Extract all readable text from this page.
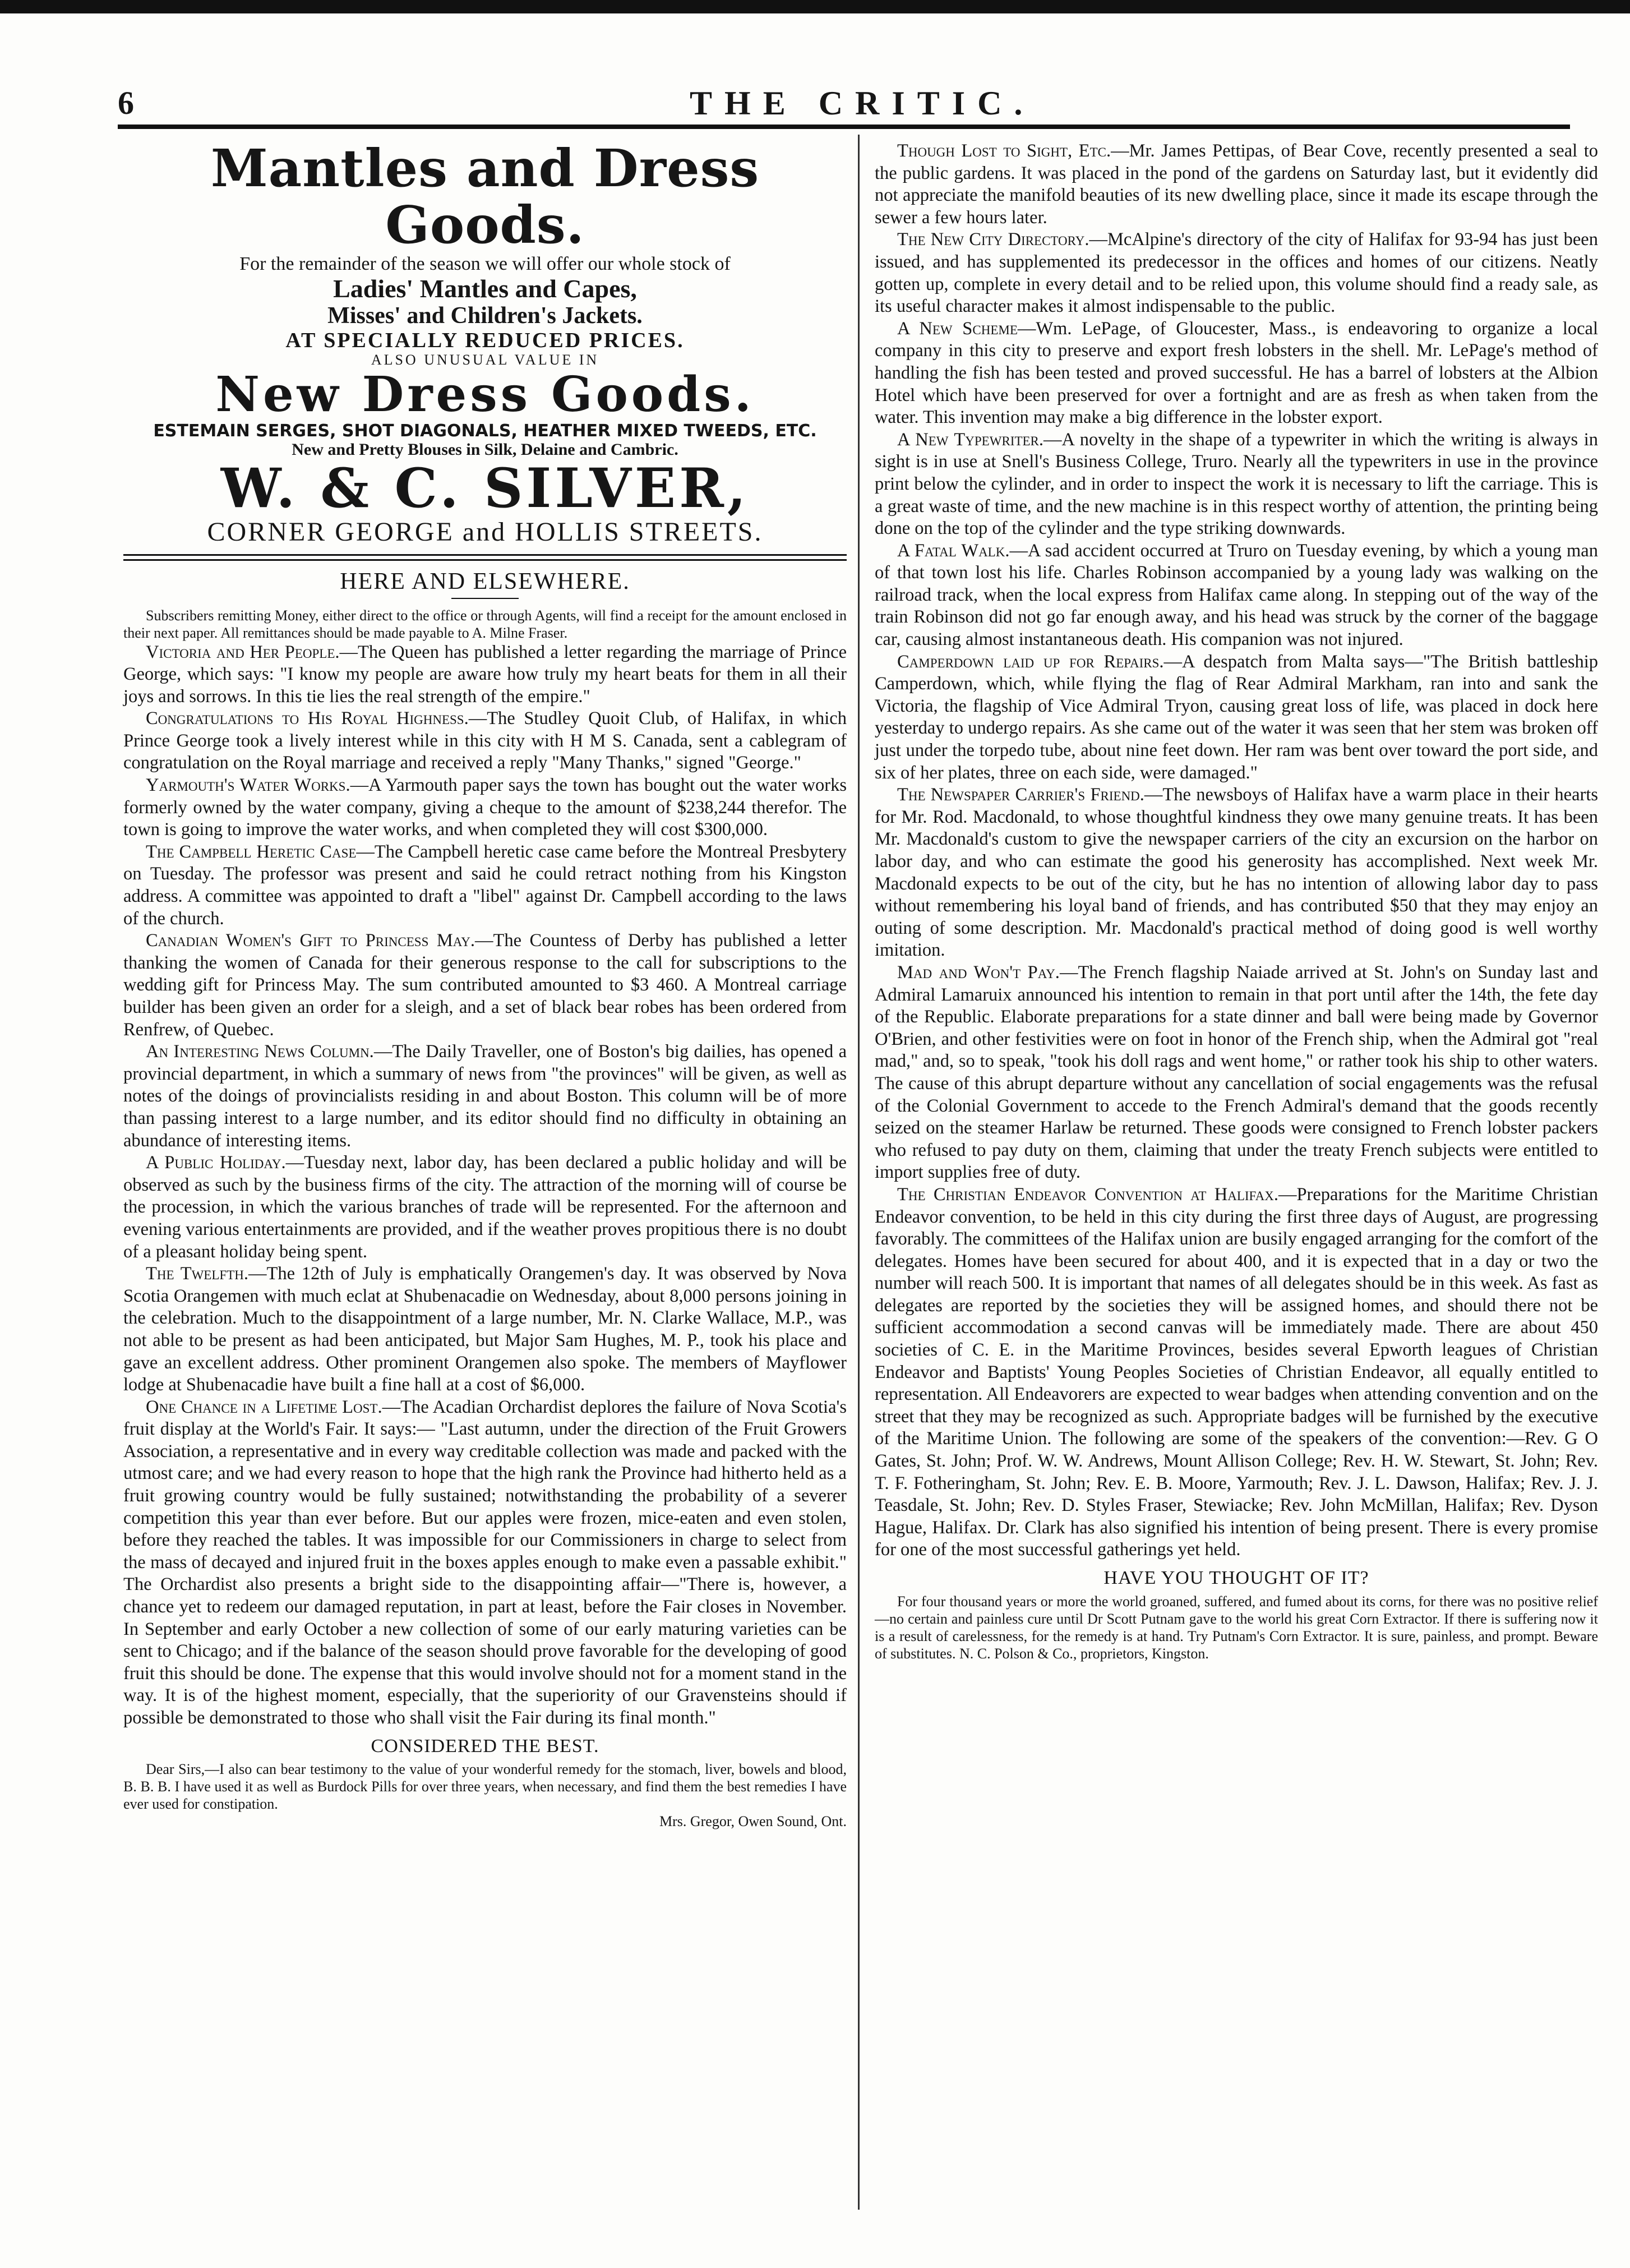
6	THE CRITIC.
Mantles and Dress Goods.
For the remainder of the season we will offer our whole stock of
Ladies' Mantles and Capes,
Misses' and Children's Jackets.
AT SPECIALLY REDUCED PRICES.
ALSO UNUSUAL VALUE IN
New Dress Goods.
ESTEMAIN SERGES, SHOT DIAGONALS, HEATHER MIXED TWEEDS, ETC.
New and Pretty Blouses in Silk, Delaine and Cambric.
W. & C. SILVER,
CORNER GEORGE and HOLLIS STREETS.
HERE AND ELSEWHERE.

Subscribers remitting Money, either direct to the office or through Agents, will find a receipt for the amount enclosed in their next paper. All remittances should be made payable to A. Milne Fraser.

Victoria and Her People.—The Queen has published a letter regarding the marriage of Prince George, which says: "I know my people are aware how truly my heart beats for them in all their joys and sorrows. In this tie lies the real strength of the empire."

Congratulations to His Royal Highness.—The Studley Quoit Club, of Halifax, in which Prince George took a lively interest while in this city with H M S. Canada, sent a cablegram of congratulation on the Royal marriage and received a reply "Many Thanks," signed "George."

Yarmouth's Water Works.—A Yarmouth paper says the town has bought out the water works formerly owned by the water company, giving a cheque to the amount of $238,244 therefor. The town is going to improve the water works, and when completed they will cost $300,000.

The Campbell Heretic Case—The Campbell heretic case came before the Montreal Presbytery on Tuesday. The professor was present and said he could retract nothing from his Kingston address. A committee was appointed to draft a "libel" against Dr. Campbell according to the laws of the church.

Canadian Women's Gift to Princess May.—The Countess of Derby has published a letter thanking the women of Canada for their generous response to the call for subscriptions to the wedding gift for Princess May. The sum contributed amounted to $3 460. A Montreal carriage builder has been given an order for a sleigh, and a set of black bear robes has been ordered from Renfrew, of Quebec.

An Interesting News Column.—The Daily Traveller, one of Boston's big dailies, has opened a provincial department, in which a summary of news from "the provinces" will be given, as well as notes of the doings of provincialists residing in and about Boston. This column will be of more than passing interest to a large number, and its editor should find no difficulty in obtaining an abundance of interesting items.

A Public Holiday.—Tuesday next, labor day, has been declared a public holiday and will be observed as such by the business firms of the city. The attraction of the morning will of course be the procession, in which the various branches of trade will be represented. For the afternoon and evening various entertainments are provided, and if the weather proves propitious there is no doubt of a pleasant holiday being spent.

The Twelfth.—The 12th of July is emphatically Orangemen's day. It was observed by Nova Scotia Orangemen with much eclat at Shubenacadie on Wednesday, about 8,000 persons joining in the celebration. Much to the disappointment of a large number, Mr. N. Clarke Wallace, M.P., was not able to be present as had been anticipated, but Major Sam Hughes, M. P., took his place and gave an excellent address. Other prominent Orangemen also spoke. The members of Mayflower lodge at Shubenacadie have built a fine hall at a cost of $6,000.

One Chance in a Lifetime Lost.—The Acadian Orchardist deplores the failure of Nova Scotia's fruit display at the World's Fair. It says:— "Last autumn, under the direction of the Fruit Growers Association, a representative and in every way creditable collection was made and packed with the utmost care; and we had every reason to hope that the high rank the Province had hitherto held as a fruit growing country would be fully sustained; notwithstanding the probability of a severer competition this year than ever before. But our apples were frozen, mice-eaten and even stolen, before they reached the tables. It was impossible for our Commissioners in charge to select from the mass of decayed and injured fruit in the boxes apples enough to make even a passable exhibit." The Orchardist also presents a bright side to the disappointing affair—"There is, however, a chance yet to redeem our damaged reputation, in part at least, before the Fair closes in November. In September and early October a new collection of some of our early maturing varieties can be sent to Chicago; and if the balance of the season should prove favorable for the developing of good fruit this should be done. The expense that this would involve should not for a moment stand in the way. It is of the highest moment, especially, that the superiority of our Gravensteins should if possible be demonstrated to those who shall visit the Fair during its final month."

CONSIDERED THE BEST.

Dear Sirs,—I also can bear testimony to the value of your wonderful remedy for the stomach, liver, bowels and blood, B. B. B. I have used it as well as Burdock Pills for over three years, when necessary, and find them the best remedies I have ever used for constipation.

Mrs. Gregor, Owen Sound, Ont.

Though Lost to Sight, Etc.—Mr. James Pettipas, of Bear Cove, recently presented a seal to the public gardens. It was placed in the pond of the gardens on Saturday last, but it evidently did not appreciate the manifold beauties of its new dwelling place, since it made its escape through the sewer a few hours later.

The New City Directory.—McAlpine's directory of the city of Halifax for 93-94 has just been issued, and has supplemented its predecessor in the offices and homes of our citizens. Neatly gotten up, complete in every detail and to be relied upon, this volume should find a ready sale, as its useful character makes it almost indispensable to the public.

A New Scheme—Wm. LePage, of Gloucester, Mass., is endeavoring to organize a local company in this city to preserve and export fresh lobsters in the shell. Mr. LePage's method of handling the fish has been tested and proved successful. He has a barrel of lobsters at the Albion Hotel which have been preserved for over a fortnight and are as fresh as when taken from the water. This invention may make a big difference in the lobster export.

A New Typewriter.—A novelty in the shape of a typewriter in which the writing is always in sight is in use at Snell's Business College, Truro. Nearly all the typewriters in use in the province print below the cylinder, and in order to inspect the work it is necessary to lift the carriage. This is a great waste of time, and the new machine is in this respect worthy of attention, the printing being done on the top of the cylinder and the type striking downwards.

A Fatal Walk.—A sad accident occurred at Truro on Tuesday evening, by which a young man of that town lost his life. Charles Robinson accompanied by a young lady was walking on the railroad track, when the local express from Halifax came along. In stepping out of the way of the train Robinson did not go far enough away, and his head was struck by the corner of the baggage car, causing almost instantaneous death. His companion was not injured.

Camperdown laid up for Repairs.—A despatch from Malta says—"The British battleship Camperdown, which, while flying the flag of Rear Admiral Markham, ran into and sank the Victoria, the flagship of Vice Admiral Tryon, causing great loss of life, was placed in dock here yesterday to undergo repairs. As she came out of the water it was seen that her stem was broken off just under the torpedo tube, about nine feet down. Her ram was bent over toward the port side, and six of her plates, three on each side, were damaged."

The Newspaper Carrier's Friend.—The newsboys of Halifax have a warm place in their hearts for Mr. Rod. Macdonald, to whose thoughtful kindness they owe many genuine treats. It has been Mr. Macdonald's custom to give the newspaper carriers of the city an excursion on the harbor on labor day, and who can estimate the good his generosity has accomplished. Next week Mr. Macdonald expects to be out of the city, but he has no intention of allowing labor day to pass without remembering his loyal band of friends, and has contributed $50 that they may enjoy an outing of some description. Mr. Macdonald's practical method of doing good is well worthy imitation.

Mad and Won't Pay.—The French flagship Naiade arrived at St. John's on Sunday last and Admiral Lamaruix announced his intention to remain in that port until after the 14th, the fete day of the Republic. Elaborate preparations for a state dinner and ball were being made by Governor O'Brien, and other festivities were on foot in honor of the French ship, when the Admiral got "real mad," and, so to speak, "took his doll rags and went home," or rather took his ship to other waters. The cause of this abrupt departure without any cancellation of social engagements was the refusal of the Colonial Government to accede to the French Admiral's demand that the goods recently seized on the steamer Harlaw be returned. These goods were consigned to French lobster packers who refused to pay duty on them, claiming that under the treaty French subjects were entitled to import supplies free of duty.

The Christian Endeavor Convention at Halifax.—Preparations for the Maritime Christian Endeavor convention, to be held in this city during the first three days of August, are progressing favorably. The committees of the Halifax union are busily engaged arranging for the comfort of the delegates. Homes have been secured for about 400, and it is expected that in a day or two the number will reach 500. It is important that names of all delegates should be in this week. As fast as delegates are reported by the societies they will be assigned homes, and should there not be sufficient accommodation a second canvas will be immediately made. There are about 450 societies of C. E. in the Maritime Provinces, besides several Epworth leagues of Christian Endeavor and Baptists' Young Peoples Societies of Christian Endeavor, all equally entitled to representation. All Endeavorers are expected to wear badges when attending convention and on the street that they may be recognized as such. Appropriate badges will be furnished by the executive of the Maritime Union. The following are some of the speakers of the convention:—Rev. G O Gates, St. John; Prof. W. W. Andrews, Mount Allison College; Rev. H. W. Stewart, St. John; Rev. T. F. Fotheringham, St. John; Rev. E. B. Moore, Yarmouth; Rev. J. L. Dawson, Halifax; Rev. J. J. Teasdale, St. John; Rev. D. Styles Fraser, Stewiacke; Rev. John McMillan, Halifax; Rev. Dyson Hague, Halifax. Dr. Clark has also signified his intention of being present. There is every promise for one of the most successful gatherings yet held.

HAVE YOU THOUGHT OF IT?

For four thousand years or more the world groaned, suffered, and fumed about its corns, for there was no positive relief—no certain and painless cure until Dr Scott Putnam gave to the world his great Corn Extractor. If there is suffering now it is a result of carelessness, for the remedy is at hand. Try Putnam's Corn Extractor. It is sure, painless, and prompt. Beware of substitutes. N. C. Polson & Co., proprietors, Kingston.
